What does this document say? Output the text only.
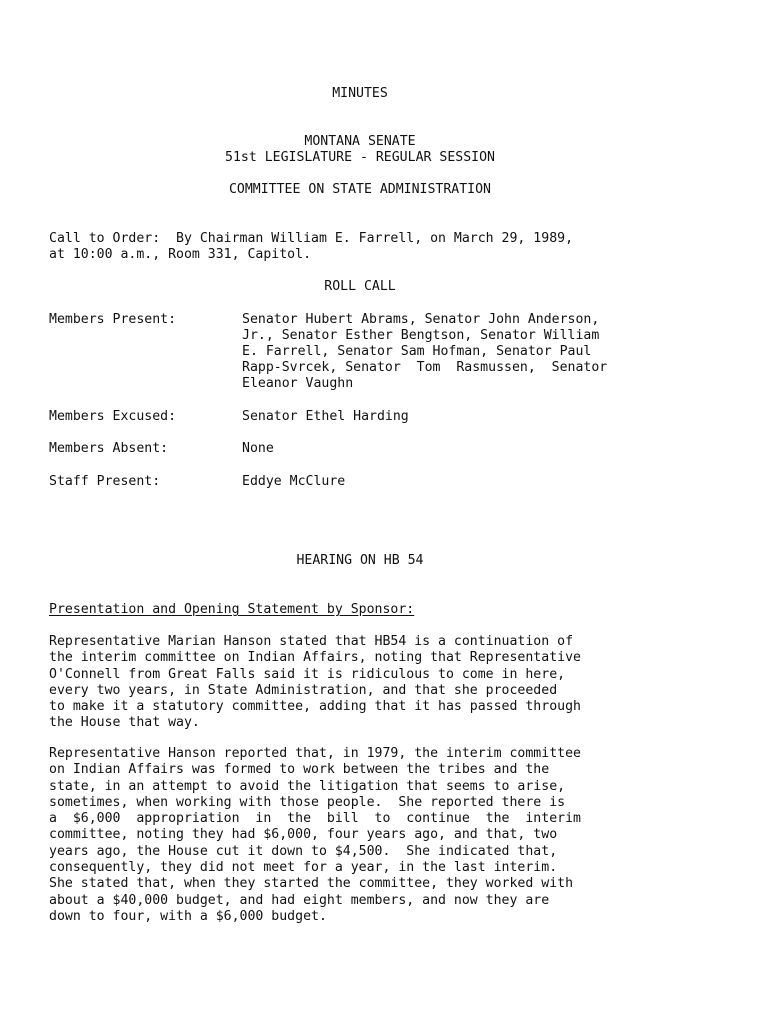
MINUTES
MONTANA SENATE
51st LEGISLATURE - REGULAR SESSION
COMMITTEE ON STATE ADMINISTRATION
Call to Order:  By Chairman William E. Farrell, on March 29, 1989,
at 10:00 a.m., Room 331, Capitol.
ROLL CALL
Members Present:	Senator Hubert Abrams, Senator John Anderson,
Jr., Senator Esther Bengtson, Senator William
E. Farrell, Senator Sam Hofman, Senator Paul
Rapp-Svrcek, Senator  Tom  Rasmussen,  Senator
Eleanor Vaughn
Members Excused:	Senator Ethel Harding
Members Absent:	None
Staff Present:	Eddye McClure
HEARING ON HB 54
Presentation and Opening Statement by Sponsor:
Representative Marian Hanson stated that HB54 is a continuation of
the interim committee on Indian Affairs, noting that Representative
O'Connell from Great Falls said it is ridiculous to come in here,
every two years, in State Administration, and that she proceeded
to make it a statutory committee, adding that it has passed through
the House that way.
Representative Hanson reported that, in 1979, the interim committee
on Indian Affairs was formed to work between the tribes and the
state, in an attempt to avoid the litigation that seems to arise,
sometimes, when working with those people.  She reported there is
a  $6,000  appropriation  in  the  bill  to  continue  the  interim
committee, noting they had $6,000, four years ago, and that, two
years ago, the House cut it down to $4,500.  She indicated that,
consequently, they did not meet for a year, in the last interim.
She stated that, when they started the committee, they worked with
about a $40,000 budget, and had eight members, and now they are
down to four, with a $6,000 budget.
